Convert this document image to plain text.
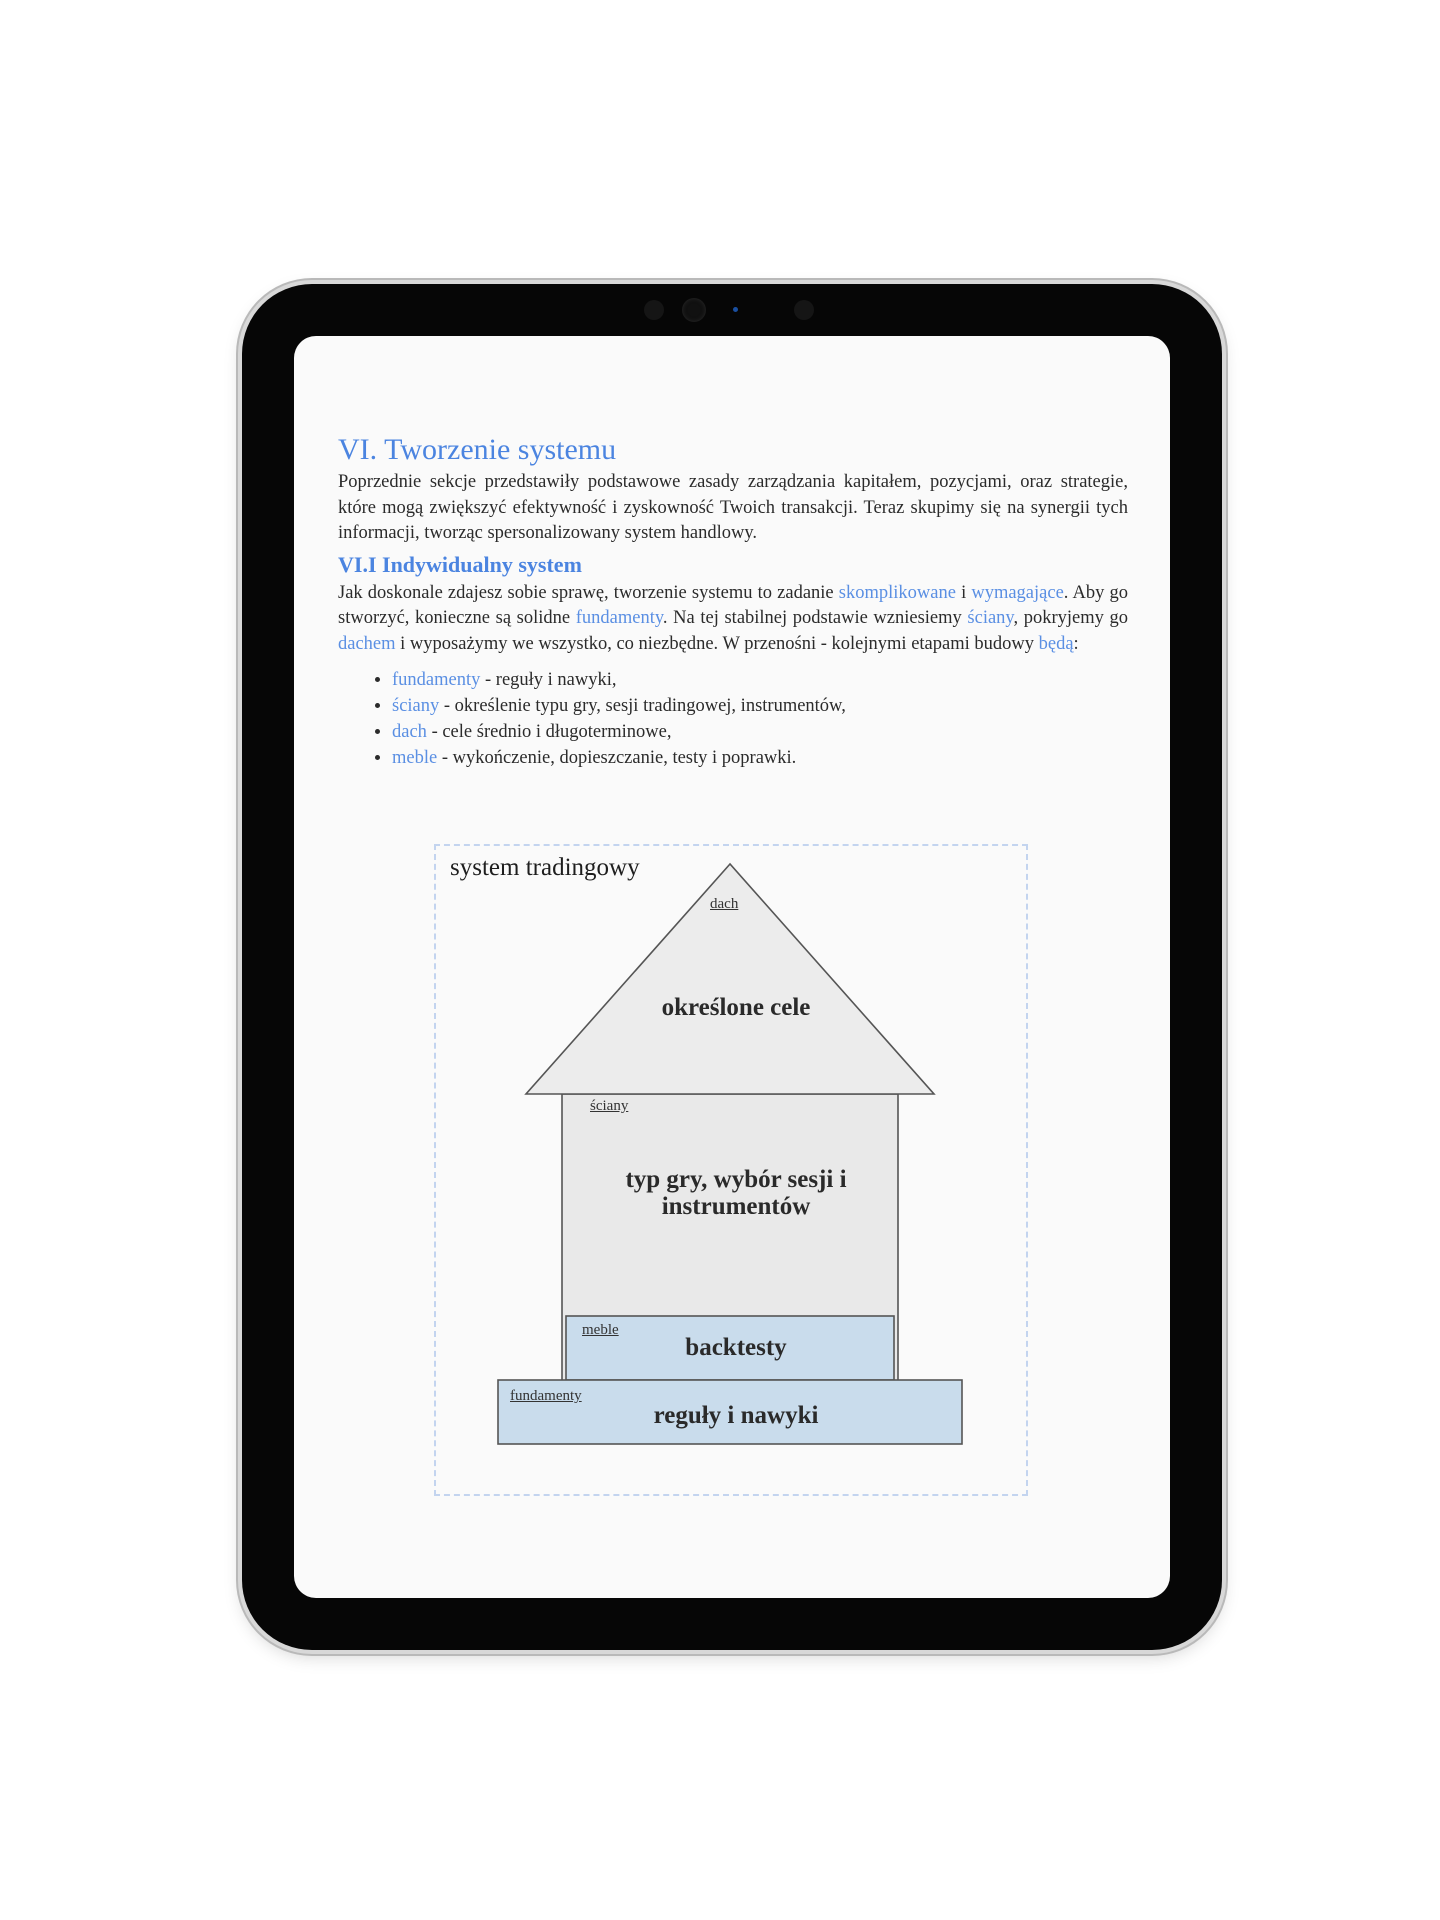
VI. Tworzenie systemu

Poprzednie sekcje przedstawiły podstawowe zasady zarządzania kapitałem, pozycjami, oraz strategie, które mogą zwiększyć efektywność i zyskowność Twoich transakcji. Teraz skupimy się na synergii tych informacji, tworząc spersonalizowany system handlowy.

VI.I Indywidualny system

Jak doskonale zdajesz sobie sprawę, tworzenie systemu to zadanie skomplikowane i wymagające. Aby go stworzyć, konieczne są solidne fundamenty. Na tej stabilnej podstawie wzniesiemy ściany, pokryjemy go dachem i wyposażymy we wszystko, co niezbędne. W przenośni - kolejnymi etapami budowy będą:

• fundamenty - reguły i nawyki,
• ściany - określenie typu gry, sesji tradingowej, instrumentów,
• dach - cele średnio i długoterminowe,
• meble - wykończenie, dopieszczanie, testy i poprawki.
system tradingowy
dach
określone cele
ściany
typ gry, wybór sesji i instrumentów
meble
backtesty
fundamenty
reguły i nawyki
